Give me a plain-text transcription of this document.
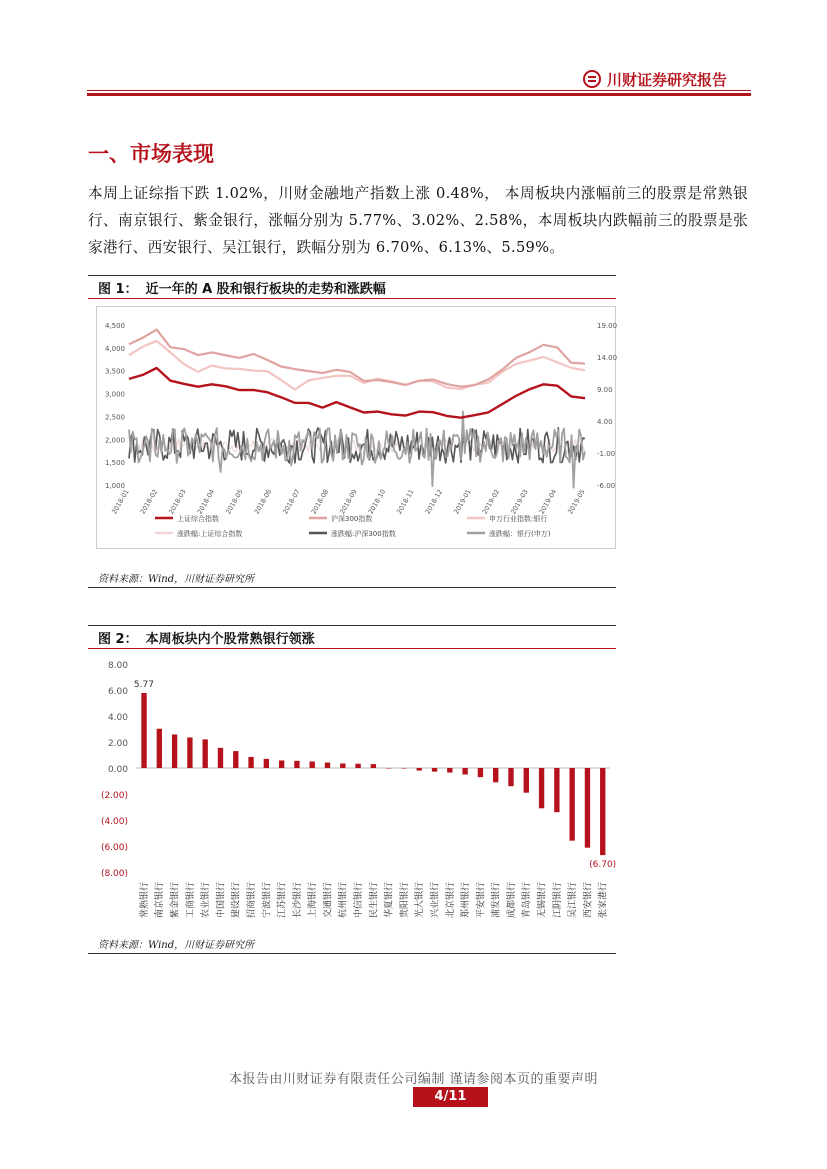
川财证券研究报告
一、市场表现

本周上证综指下跌 1.02%，川财金融地产指数上涨 0.48%， 本周板块内涨幅前三的股票是常熟银行、南京银行、紫金银行，涨幅分别为 5.77%、3.02%、2.58%，本周板块内跌幅前三的股票是张家港行、西安银行、吴江银行，跌幅分别为 6.70%、6.13%、5.59%。

图 1： 近一年的 A 股和银行板块的走势和涨跌幅
4,500
4,000
3,500
3,000
2,500
2,000
1,500
1,000
19.00
14.00
9.00
4.00
-1.00
-6.00
2018-01 2018-02 2018-03 2018-04 2018-05 2018-06 2018-07 2018-08 2018-09 2018-10 2018-11 2018-12 2019-01 2019-02 2019-03 2019-04 2019-05
上证综合指数	沪深300指数	申万行业指数:银行
涨跌幅:上证综合指数	涨跌幅:沪深300指数	涨跌幅：银行(申万)
资料来源：Wind，川财证券研究所
图 2： 本周板块内个股常熟银行领涨
8.00
6.00
4.00
2.00
0.00
(2.00)
(4.00)
(6.00)
(8.00)
常熟银行 南京银行 紫金银行 工商银行 农业银行 中国银行 建设银行 招商银行 宁波银行 江苏银行 长沙银行 上海银行 交通银行 杭州银行 中信银行 民生银行 华夏银行 贵阳银行 光大银行 兴业银行 北京银行 郑州银行 平安银行 浦发银行 成都银行 青岛银行 无锡银行 江阴银行 吴江银行 西安银行 张家港行
5.77
(6.70)
资料来源：Wind，川财证券研究所
本报告由川财证券有限责任公司编制 谨请参阅本页的重要声明
4/11
